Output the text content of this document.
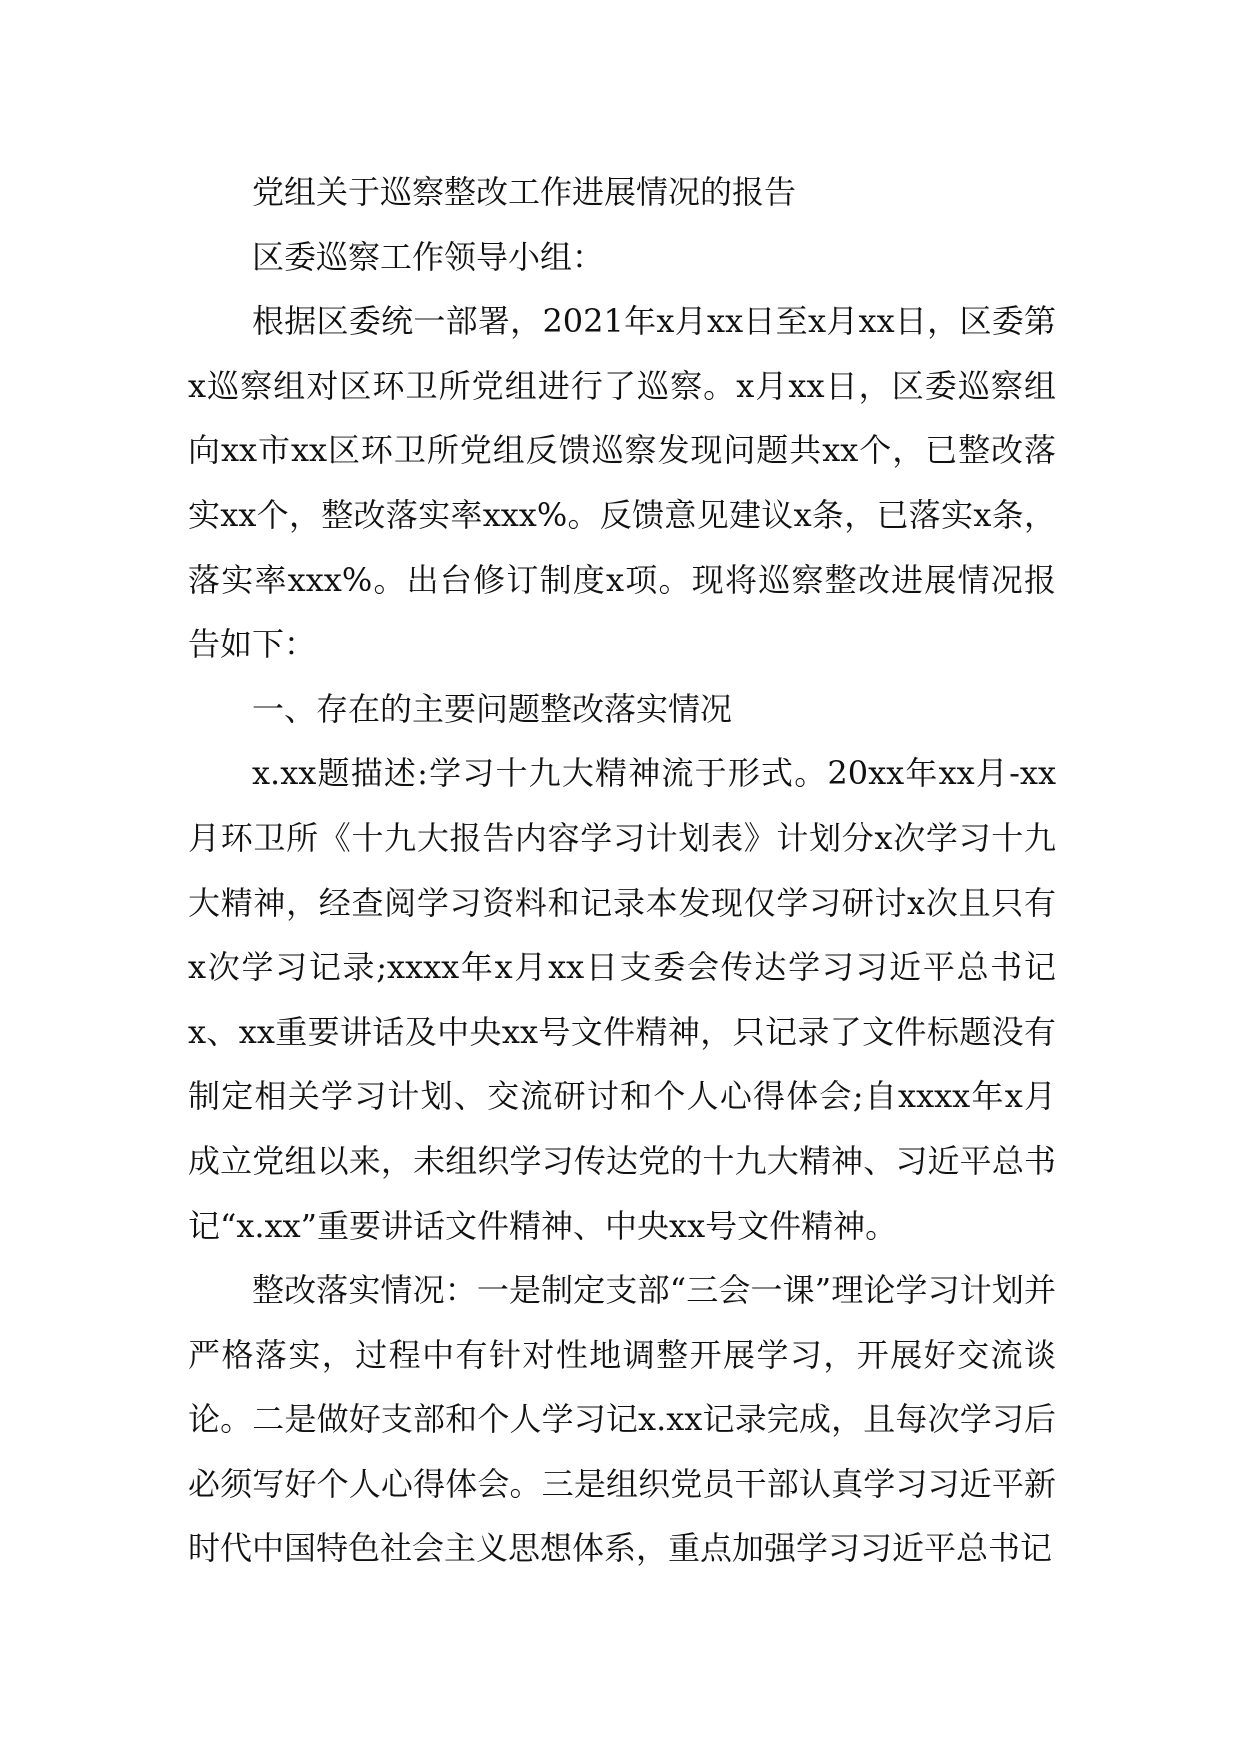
党组关于巡察整改工作进展情况的报告

区委巡察工作领导小组：

根据区委统一部署，2021年x月xx日至x月xx日，区委第x巡察组对区环卫所党组进行了巡察。x月xx日，区委巡察组向xx市xx区环卫所党组反馈巡察发现问题共xx个，已整改落实xx个，整改落实率xxx%。反馈意见建议x条，已落实x条，落实率xxx%。出台修订制度x项。现将巡察整改进展情况报告如下：

一、存在的主要问题整改落实情况

x.xx题描述:学习十九大精神流于形式。20xx年xx月-xx月环卫所《十九大报告内容学习计划表》计划分x次学习十九大精神，经查阅学习资料和记录本发现仅学习研讨x次且只有x次学习记录;xxxx年x月xx日支委会传达学习习近平总书记x、xx重要讲话及中央xx号文件精神，只记录了文件标题没有制定相关学习计划、交流研讨和个人心得体会;自xxxx年x月成立党组以来，未组织学习传达党的十九大精神、习近平总书记“x.xx”重要讲话文件精神、中央xx号文件精神。

整改落实情况：一是制定支部“三会一课”理论学习计划并严格落实，过程中有针对性地调整开展学习，开展好交流谈论。二是做好支部和个人学习记x.xx记录完成，且每次学习后必须写好个人心得体会。三是组织党员干部认真学习习近平新时代中国特色社会主义思想体系，重点加强学习习近平总书记
